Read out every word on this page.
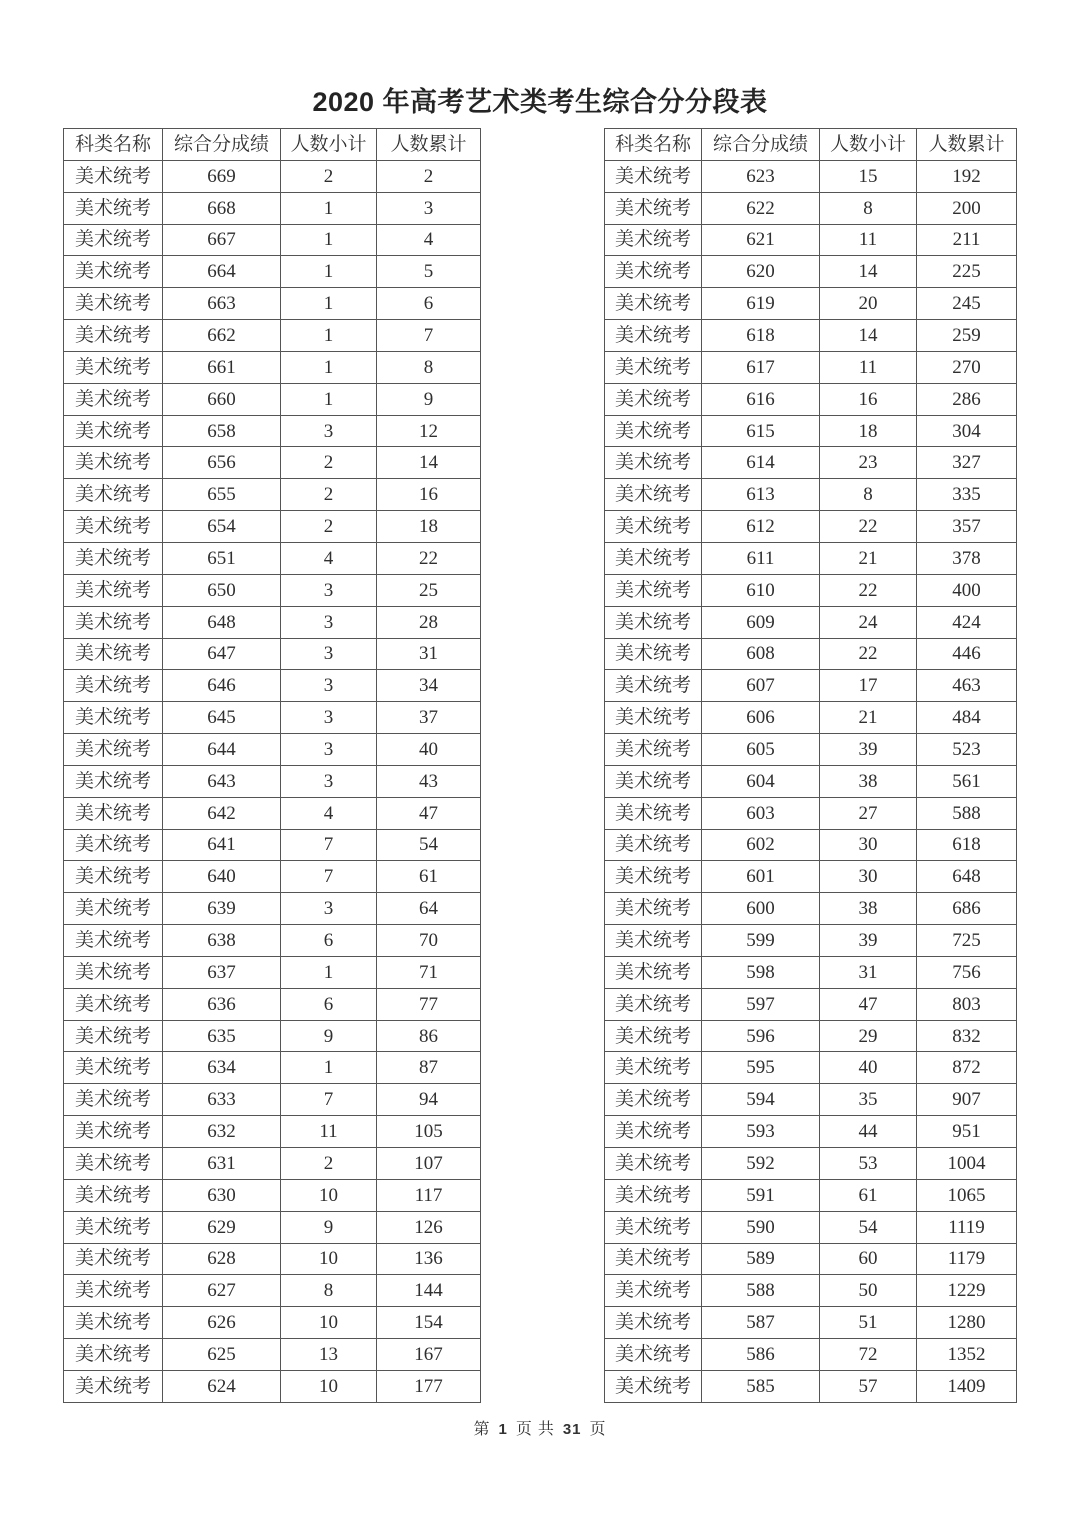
2020 年高考艺术类考生综合分分段表
科类名称	综合分成绩	人数小计	人数累计
美术统考	669	2	2
美术统考	668	1	3
美术统考	667	1	4
美术统考	664	1	5
美术统考	663	1	6
美术统考	662	1	7
美术统考	661	1	8
美术统考	660	1	9
美术统考	658	3	12
美术统考	656	2	14
美术统考	655	2	16
美术统考	654	2	18
美术统考	651	4	22
美术统考	650	3	25
美术统考	648	3	28
美术统考	647	3	31
美术统考	646	3	34
美术统考	645	3	37
美术统考	644	3	40
美术统考	643	3	43
美术统考	642	4	47
美术统考	641	7	54
美术统考	640	7	61
美术统考	639	3	64
美术统考	638	6	70
美术统考	637	1	71
美术统考	636	6	77
美术统考	635	9	86
美术统考	634	1	87
美术统考	633	7	94
美术统考	632	11	105
美术统考	631	2	107
美术统考	630	10	117
美术统考	629	9	126
美术统考	628	10	136
美术统考	627	8	144
美术统考	626	10	154
美术统考	625	13	167
美术统考	624	10	177
科类名称	综合分成绩	人数小计	人数累计
美术统考	623	15	192
美术统考	622	8	200
美术统考	621	11	211
美术统考	620	14	225
美术统考	619	20	245
美术统考	618	14	259
美术统考	617	11	270
美术统考	616	16	286
美术统考	615	18	304
美术统考	614	23	327
美术统考	613	8	335
美术统考	612	22	357
美术统考	611	21	378
美术统考	610	22	400
美术统考	609	24	424
美术统考	608	22	446
美术统考	607	17	463
美术统考	606	21	484
美术统考	605	39	523
美术统考	604	38	561
美术统考	603	27	588
美术统考	602	30	618
美术统考	601	30	648
美术统考	600	38	686
美术统考	599	39	725
美术统考	598	31	756
美术统考	597	47	803
美术统考	596	29	832
美术统考	595	40	872
美术统考	594	35	907
美术统考	593	44	951
美术统考	592	53	1004
美术统考	591	61	1065
美术统考	590	54	1119
美术统考	589	60	1179
美术统考	588	50	1229
美术统考	587	51	1280
美术统考	586	72	1352
美术统考	585	57	1409
第 1 页 共 31 页
